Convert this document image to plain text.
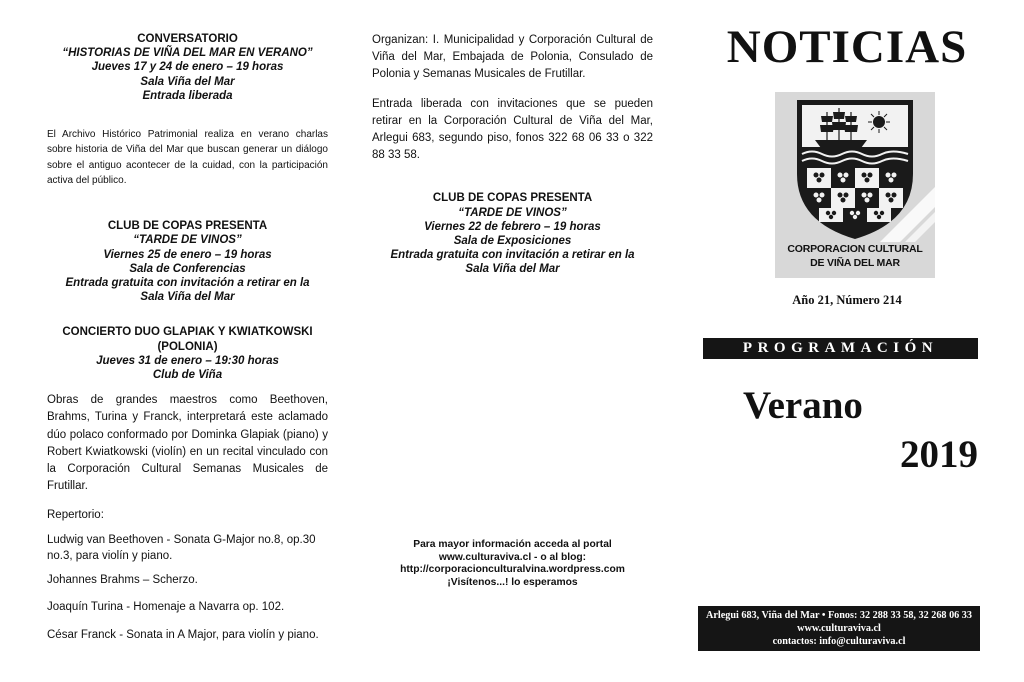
CONVERSATORIO
“HISTORIAS DE VIÑA DEL MAR EN VERANO”
Jueves 17 y 24 de enero – 19 horas
Sala Viña del Mar
Entrada liberada
El Archivo Histórico Patrimonial realiza en verano charlas sobre historia de Viña del Mar que buscan generar un diálogo sobre el antiguo acontecer de la cuidad, con la participación activa del público.
CLUB DE COPAS PRESENTA
“TARDE DE VINOS”
Viernes 25 de enero – 19 horas
Sala de Conferencias
Entrada gratuita con invitación a retirar en la
Sala Viña del Mar
CONCIERTO DUO GLAPIAK Y KWIATKOWSKI
(POLONIA)
Jueves 31 de enero – 19:30 horas
Club de Viña
Obras de grandes maestros como Beethoven, Brahms, Turina y Franck, interpretará este aclamado dúo polaco conformado por Dominka Glapiak (piano) y Robert Kwiatkowski (violín) en un recital vinculado con la Corporación Cultural Semanas Musicales de Frutillar.
Repertorio:
Ludwig van Beethoven - Sonata G-Major no.8, op.30 no.3, para violín y piano.
Johannes Brahms – Scherzo.
Joaquín Turina - Homenaje a Navarra op. 102.
César Franck - Sonata in A Major, para violín y piano.
Organizan: I. Municipalidad y Corporación Cultural de Viña del Mar, Embajada de Polonia, Consulado de Polonia y Semanas Musicales de Frutillar.
Entrada liberada con invitaciones que se pueden retirar en la Corporación Cultural de Viña del Mar, Arlegui 683, segundo piso, fonos 322 68 06 33 o 322 88 33 58.
CLUB DE COPAS PRESENTA
“TARDE DE VINOS”
Viernes 22 de febrero – 19 horas
Sala de Exposiciones
Entrada gratuita con invitación a retirar en la
Sala Viña del Mar
Para mayor información acceda al portal
www.culturaviva.cl - o al blog:
http://corporacionculturalvina.wordpress.com
¡Visítenos...! lo esperamos
NOTICIAS
CORPORACION CULTURAL
DE VIÑA DEL MAR
Año 21, Número 214
PROGRAMACIÓN
Verano
2019
Arlegui 683, Viña del Mar • Fonos: 32 288 33 58, 32 268 06 33
www.culturaviva.cl
contactos: info@culturaviva.cl
